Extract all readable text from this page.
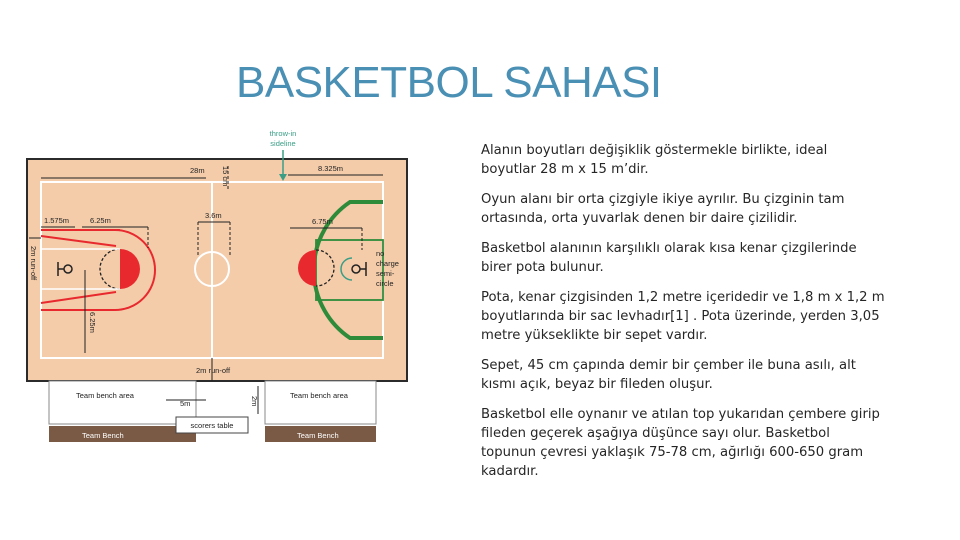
BASKETBOL SAHASI
throw-in
sideline
28m	8.325m
3.6m
1.575m	6.25m	6.75m
no
charge
semi-
circle
2m run-off
Team bench area	Team bench area
5m
scorers table
Team Bench	Team Bench
15 cm
2m run-off
6.25m
2m

Alanın boyutları değişiklik göstermekle birlikte, ideal boyutlar 28 m x 15 m’dir.

Oyun alanı bir orta çizgiyle ikiye ayrılır. Bu çizginin tam ortasında, orta yuvarlak denen bir daire çizilidir.

Basketbol alanının karşılıklı olarak kısa kenar çizgilerinde birer pota bulunur.

Pota, kenar çizgisinden 1,2 metre içeridedir ve 1,8 m x 1,2 m boyutlarında bir sac levhadır[1] . Pota üzerinde, yerden 3,05 metre yükseklikte bir sepet vardır.

Sepet, 45 cm çapında demir bir çember ile buna asılı, alt kısmı açık, beyaz bir fileden oluşur.

Basketbol elle oynanır ve atılan top yukarıdan çembere girip fileden geçerek aşağıya düşünce sayı olur. Basketbol topunun çevresi yaklaşık 75-78 cm, ağırlığı 600-650 gram kadardır.
